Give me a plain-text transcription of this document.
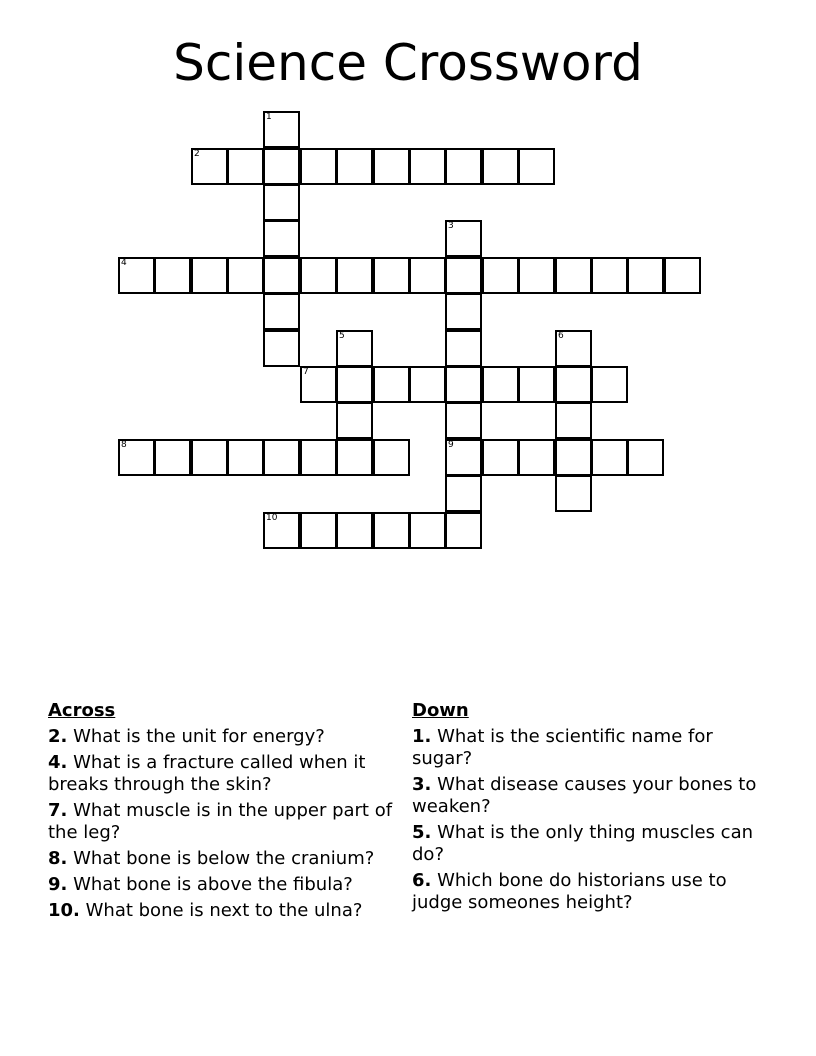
Science Crossword
1
2
3
4
5	6
7
8	9
10
Across
2. What is the unit for energy?
4. What is a fracture called when it breaks through the skin?
7. What muscle is in the upper part of the leg?
8. What bone is below the cranium?
9. What bone is above the fibula?
10. What bone is next to the ulna?
Down
1. What is the scientific name for sugar?
3. What disease causes your bones to weaken?
5. What is the only thing muscles can do?
6. Which bone do historians use to judge someones height?
